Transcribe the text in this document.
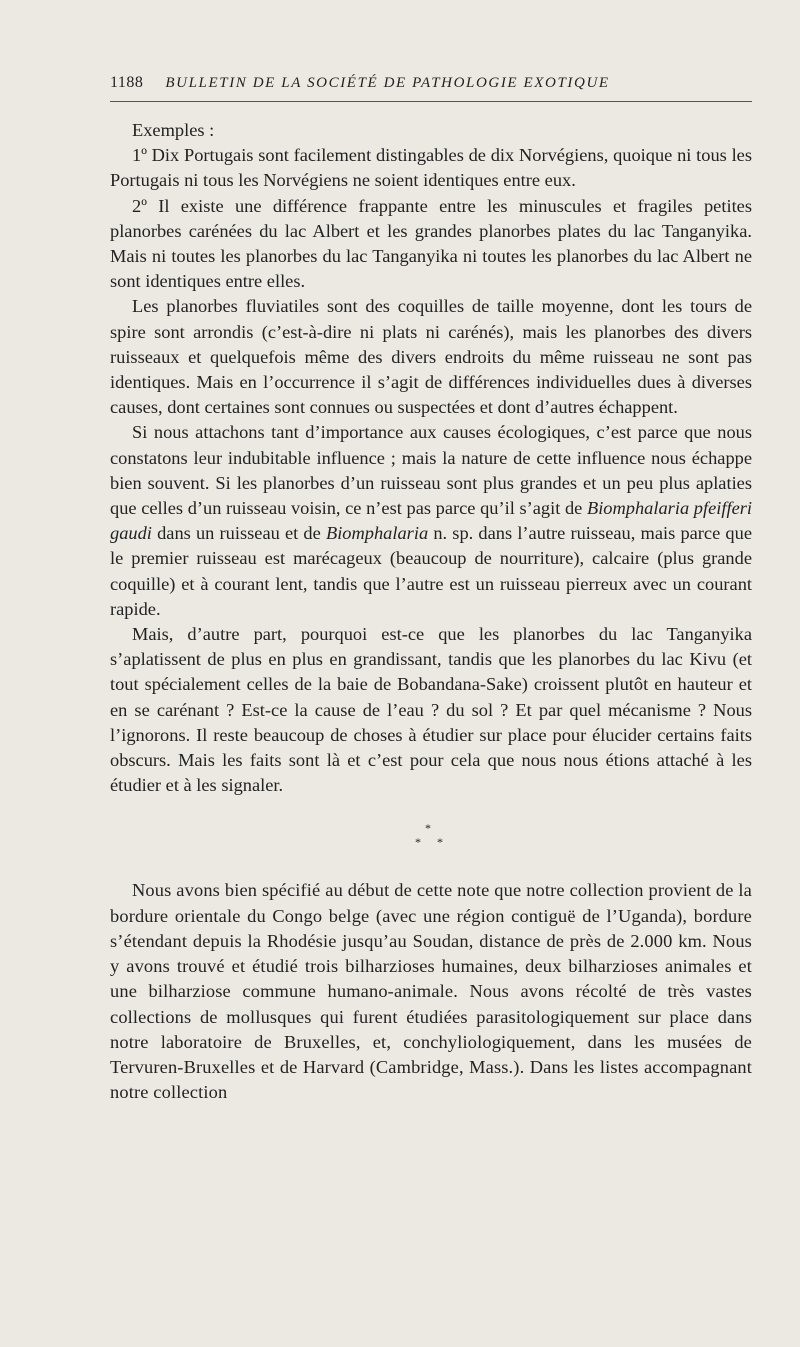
1188 BULLETIN DE LA SOCIÉTÉ DE PATHOLOGIE EXOTIQUE

Exemples :

1º Dix Portugais sont facilement distingables de dix Norvégiens, quoique ni tous les Portugais ni tous les Norvégiens ne soient identiques entre eux.

2º Il existe une différence frappante entre les minuscules et fragiles petites planorbes carénées du lac Albert et les grandes planorbes plates du lac Tanganyika. Mais ni toutes les planorbes du lac Tanganyika ni toutes les planorbes du lac Albert ne sont identiques entre elles.

Les planorbes fluviatiles sont des coquilles de taille moyenne, dont les tours de spire sont arrondis (c’est-à-dire ni plats ni carénés), mais les planorbes des divers ruisseaux et quelquefois même des divers endroits du même ruisseau ne sont pas identiques. Mais en l’occurrence il s’agit de différences individuelles dues à diverses causes, dont certaines sont connues ou suspectées et dont d’autres échappent.

Si nous attachons tant d’importance aux causes écologiques, c’est parce que nous constatons leur indubitable influence ; mais la nature de cette influence nous échappe bien souvent. Si les planorbes d’un ruisseau sont plus grandes et un peu plus aplaties que celles d’un ruisseau voisin, ce n’est pas parce qu’il s’agit de Biomphalaria pfeifferi gaudi dans un ruisseau et de Biomphalaria n. sp. dans l’autre ruisseau, mais parce que le premier ruisseau est marécageux (beaucoup de nourriture), calcaire (plus grande coquille) et à courant lent, tandis que l’autre est un ruisseau pierreux avec un courant rapide.

Mais, d’autre part, pourquoi est-ce que les planorbes du lac Tanganyika s’aplatissent de plus en plus en grandissant, tandis que les planorbes du lac Kivu (et tout spécialement celles de la baie de Bobandana-Sake) croissent plutôt en hauteur et en se carénant ? Est-ce la cause de l’eau ? du sol ? Et par quel mécanisme ? Nous l’ignorons. Il reste beaucoup de choses à étudier sur place pour élucider certains faits obscurs. Mais les faits sont là et c’est pour cela que nous nous étions attaché à les étudier et à les signaler.

*
* *

Nous avons bien spécifié au début de cette note que notre collection provient de la bordure orientale du Congo belge (avec une région contiguë de l’Uganda), bordure s’étendant depuis la Rhodésie jusqu’au Soudan, distance de près de 2.000 km. Nous y avons trouvé et étudié trois bilharzioses humaines, deux bilharzioses animales et une bilharziose commune humano-animale. Nous avons récolté de très vastes collections de mollusques qui furent étudiées parasitologiquement sur place dans notre laboratoire de Bruxelles, et, conchyliologiquement, dans les musées de Tervuren-Bruxelles et de Harvard (Cambridge, Mass.). Dans les listes accompagnant notre collection
